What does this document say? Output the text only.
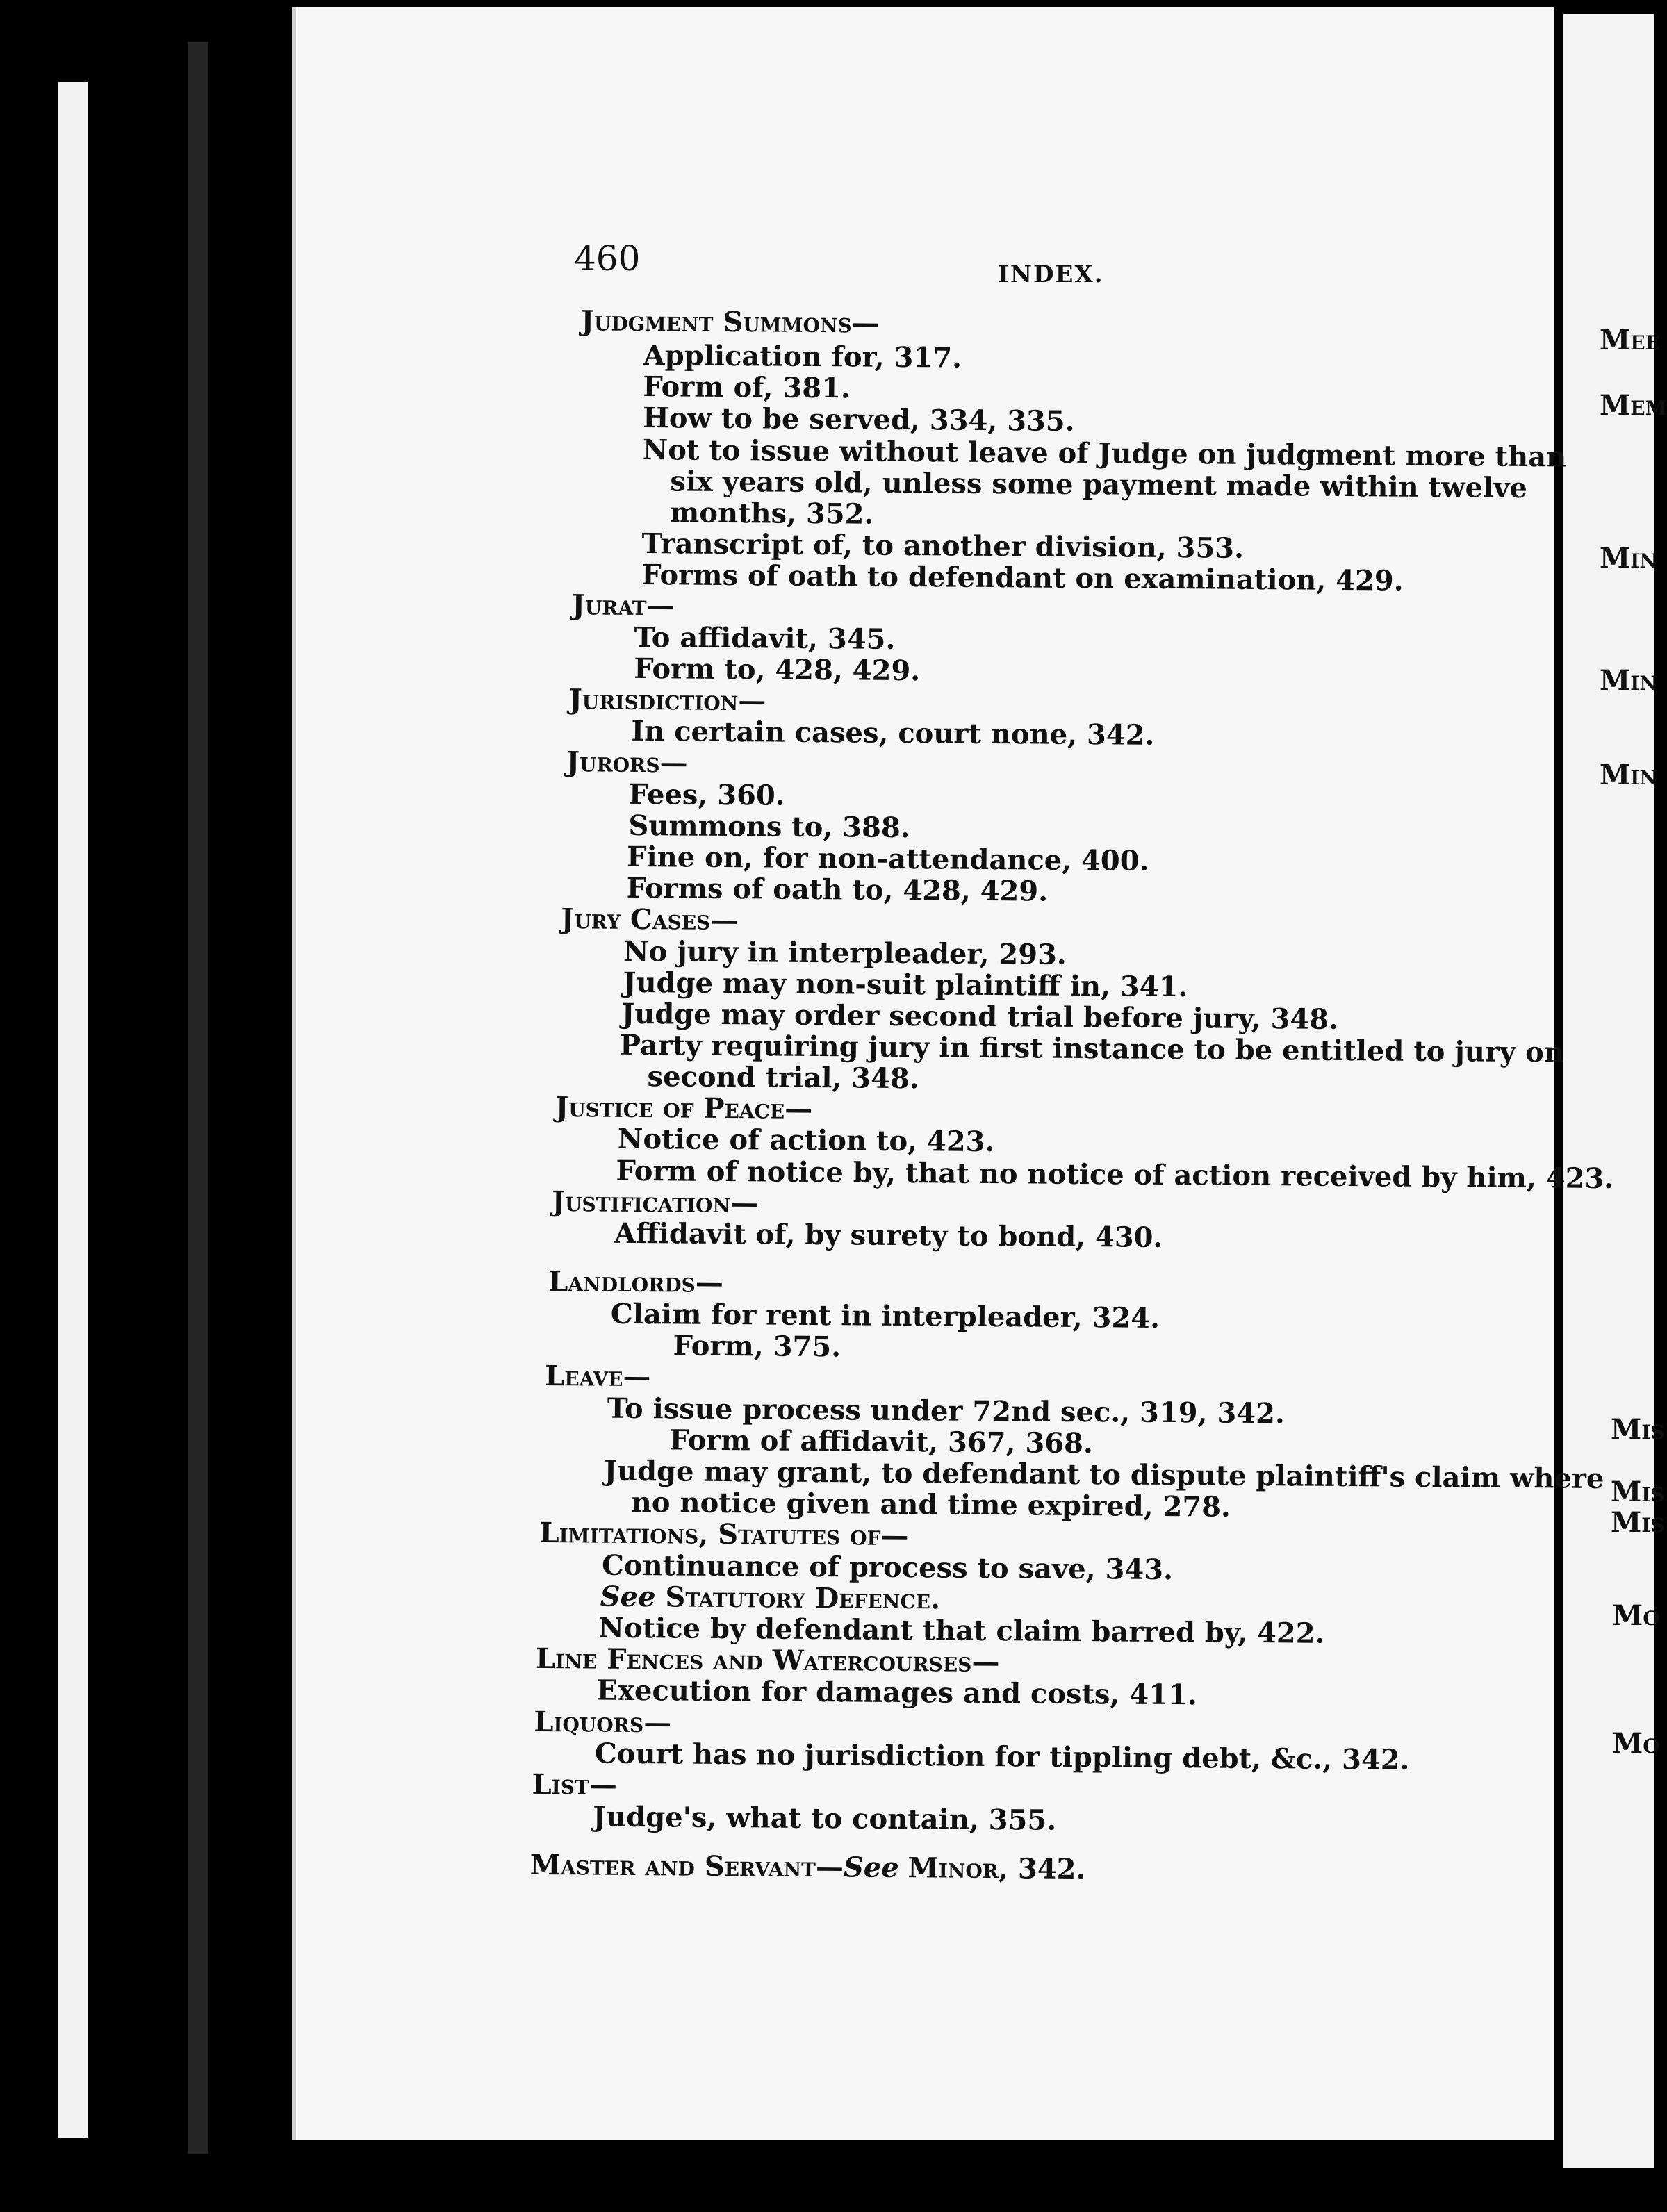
Mee
Mem
Min
Min
Min
Mis
Mis
Mis
Mo
Mo
460	INDEX.
Judgment Summons—
Application for, 317.
Form of, 381.
How to be served, 334, 335.
Not to issue without leave of Judge on judgment more than
six years old, unless some payment made within twelve
months, 352.
Transcript of, to another division, 353.
Forms of oath to defendant on examination, 429.
Jurat—
To affidavit, 345.
Form to, 428, 429.
Jurisdiction—
In certain cases, court none, 342.
Jurors—
Fees, 360.
Summons to, 388.
Fine on, for non-attendance, 400.
Forms of oath to, 428, 429.
Jury Cases—
No jury in interpleader, 293.
Judge may non-suit plaintiff in, 341.
Judge may order second trial before jury, 348.
Party requiring jury in first instance to be entitled to jury on
second trial, 348.
Justice of Peace—
Notice of action to, 423.
Form of notice by, that no notice of action received by him, 423.
Justification—
Affidavit of, by surety to bond, 430.
Landlords—
Claim for rent in interpleader, 324.
Form, 375.
Leave—
To issue process under 72nd sec., 319, 342.
Form of affidavit, 367, 368.
Judge may grant, to defendant to dispute plaintiff's claim where
no notice given and time expired, 278.
Limitations, Statutes of—
Continuance of process to save, 343.
See Statutory Defence.
Notice by defendant that claim barred by, 422.
Line Fences and Watercourses—
Execution for damages and costs, 411.
Liquors—
Court has no jurisdiction for tippling debt, &c., 342.
List—
Judge's, what to contain, 355.
Master and Servant—See Minor, 342.
